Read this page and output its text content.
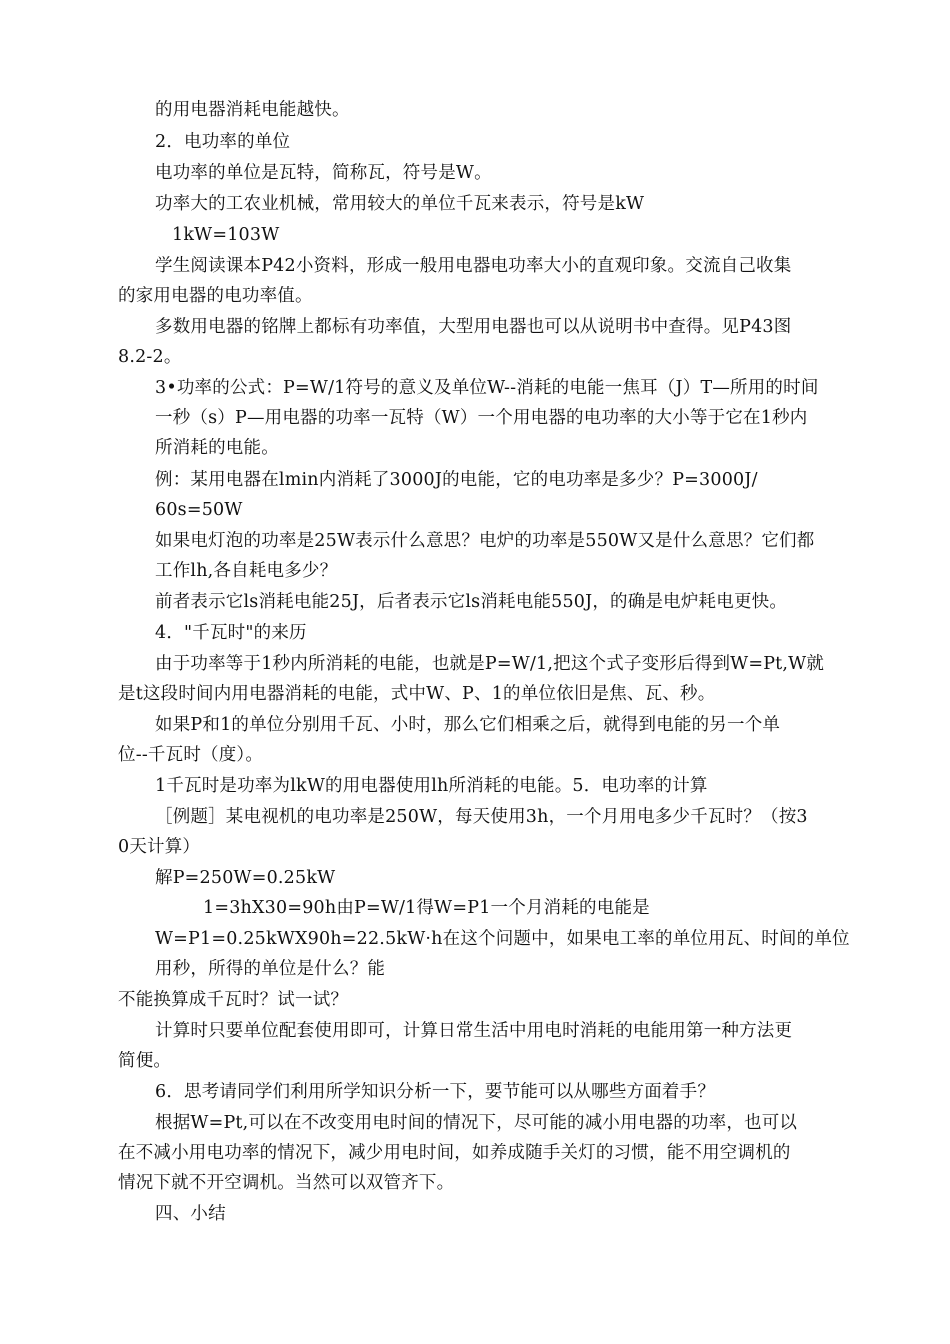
的用电器消耗电能越快。
2．电功率的单位
电功率的单位是瓦特，简称瓦，符号是W。
功率大的工农业机械，常用较大的单位千瓦来表示，符号是kW
1kW=103W
学生阅读课本P42小资料，形成一般用电器电功率大小的直观印象。交流自己收集
的家用电器的电功率值。
多数用电器的铭牌上都标有功率值，大型用电器也可以从说明书中查得。见P43图
8.2-2。
3•功率的公式：P=W/1符号的意义及单位W--消耗的电能一焦耳（J）T—所用的时间
一秒（s）P—用电器的功率一瓦特（W）一个用电器的电功率的大小等于它在1秒内
所消耗的电能。
例：某用电器在lmin内消耗了3000J的电能，它的电功率是多少？P=3000J/
60s=50W
如果电灯泡的功率是25W表示什么意思？电炉的功率是550W又是什么意思？它们都
工作lh,各自耗电多少？
前者表示它ls消耗电能25J，后者表示它ls消耗电能550J，的确是电炉耗电更快。
4．"千瓦时"的来历
由于功率等于1秒内所消耗的电能，也就是P=W/1,把这个式子变形后得到W=Pt,W就
是t这段时间内用电器消耗的电能，式中W、P、1的单位依旧是焦、瓦、秒。
如果P和1的单位分别用千瓦、小时，那么它们相乘之后，就得到电能的另一个单
位--千瓦时（度）。
1千瓦时是功率为lkW的用电器使用lh所消耗的电能。5．电功率的计算
［例题］某电视机的电功率是250W，每天使用3h，一个月用电多少千瓦时？（按3
0天计算）
解P=250W=0.25kW
1=3hX30=90h由P=W/1得W=P1一个月消耗的电能是
W=P1=0.25kWX90h=22.5kW·h在这个问题中，如果电工率的单位用瓦、时间的单位
用秒，所得的单位是什么？能
不能换算成千瓦时？试一试？
计算时只要单位配套使用即可，计算日常生活中用电时消耗的电能用第一种方法更
简便。
6．思考请同学们利用所学知识分析一下，要节能可以从哪些方面着手？
根据W=Pt,可以在不改变用电时间的情况下，尽可能的减小用电器的功率，也可以
在不减小用电功率的情况下，减少用电时间，如养成随手关灯的习惯，能不用空调机的
情况下就不开空调机。当然可以双管齐下。
四、小结
